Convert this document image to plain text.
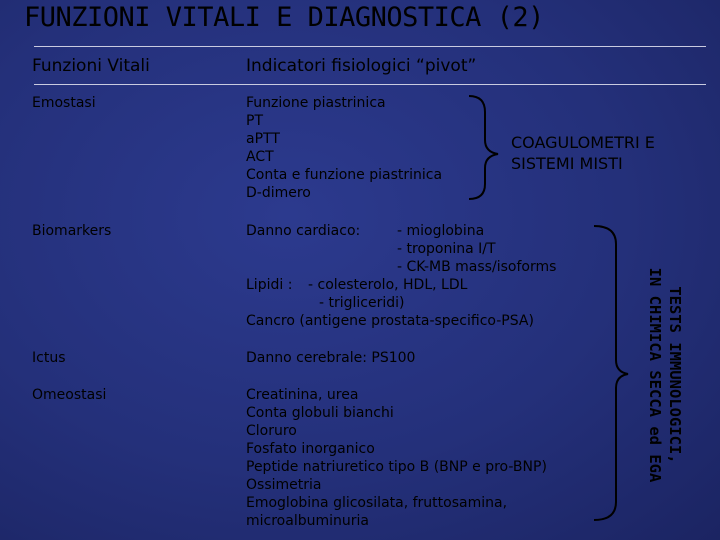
FUNZIONI VITALI E DIAGNOSTICA (2)
Funzioni Vitali	Indicatori fisiologici “pivot”
Emostasi	Funzione piastrinica
PT
aPTT
ACT
Conta e funzione piastrinica
D-dimero
COAGULOMETRI E
SISTEMI MISTI
Biomarkers	Danno cardiaco:	- mioglobina
- troponina I/T
- CK-MB mass/isoforms
Lipidi : - colesterolo, HDL, LDL
- trigliceridi)
Cancro (antigene prostata-specifico-PSA)
Ictus	Danno cerebrale: PS100
Omeostasi	Creatinina, urea
Conta globuli bianchi
Cloruro
Fosfato inorganico
Peptide natriuretico tipo B (BNP e pro-BNP)
Ossimetria
Emoglobina glicosilata, fruttosamina,
microalbuminuria
TESTS IMMUNOLOGICI,
IN CHIMICA SECCA ed EGA
